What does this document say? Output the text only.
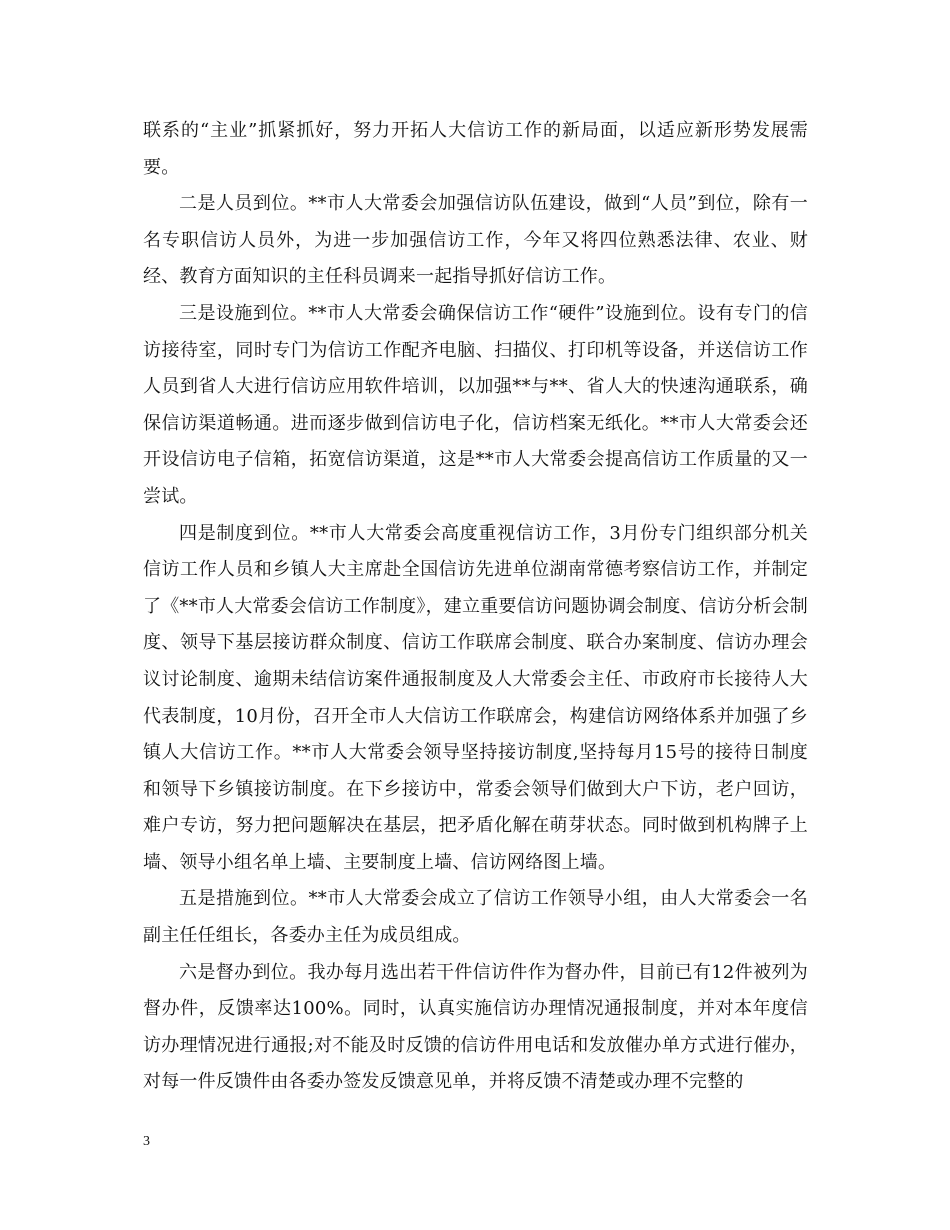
联系的“主业”抓紧抓好，努力开拓人大信访工作的新局面，以适应新形势发展需要。

二是人员到位。**市人大常委会加强信访队伍建设，做到“人员”到位，除有一名专职信访人员外，为进一步加强信访工作，今年又将四位熟悉法律、农业、财经、教育方面知识的主任科员调来一起指导抓好信访工作。

三是设施到位。**市人大常委会确保信访工作“硬件”设施到位。设有专门的信访接待室，同时专门为信访工作配齐电脑、扫描仪、打印机等设备，并送信访工作人员到省人大进行信访应用软件培训，以加强**与**、省人大的快速沟通联系，确保信访渠道畅通。进而逐步做到信访电子化，信访档案无纸化。**市人大常委会还开设信访电子信箱，拓宽信访渠道，这是**市人大常委会提高信访工作质量的又一尝试。

四是制度到位。**市人大常委会高度重视信访工作，3月份专门组织部分机关信访工作人员和乡镇人大主席赴全国信访先进单位湖南常德考察信访工作，并制定了《**市人大常委会信访工作制度》，建立重要信访问题协调会制度、信访分析会制度、领导下基层接访群众制度、信访工作联席会制度、联合办案制度、信访办理会议讨论制度、逾期未结信访案件通报制度及人大常委会主任、市政府市长接待人大代表制度，10月份，召开全市人大信访工作联席会，构建信访网络体系并加强了乡镇人大信访工作。**市人大常委会领导坚持接访制度,坚持每月15号的接待日制度和领导下乡镇接访制度。在下乡接访中，常委会领导们做到大户下访，老户回访，难户专访，努力把问题解决在基层，把矛盾化解在萌芽状态。同时做到机构牌子上墙、领导小组名单上墙、主要制度上墙、信访网络图上墙。

五是措施到位。**市人大常委会成立了信访工作领导小组，由人大常委会一名副主任任组长，各委办主任为成员组成。

六是督办到位。我办每月选出若干件信访件作为督办件，目前已有12件被列为督办件，反馈率达100%。同时，认真实施信访办理情况通报制度，并对本年度信访办理情况进行通报;对不能及时反馈的信访件用电话和发放催办单方式进行催办，对每一件反馈件由各委办签发反馈意见单，并将反馈不清楚或办理不完整的

3
